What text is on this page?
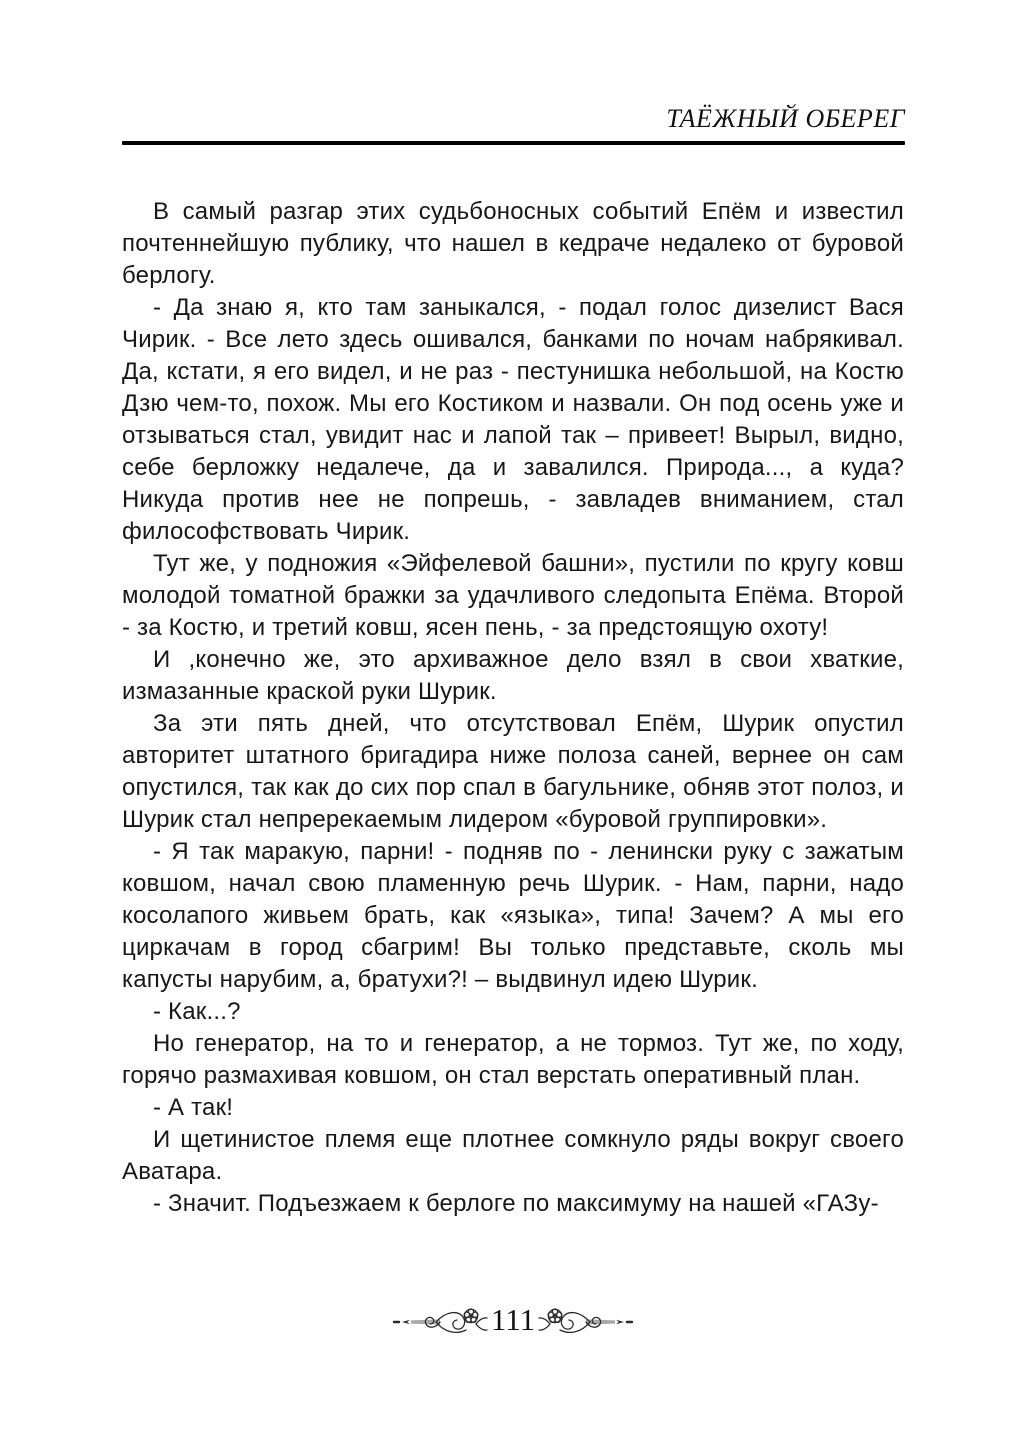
ТАЁЖНЫЙ ОБЕРЕГ

В самый разгар этих судьбоносных событий Епём и известил почтеннейшую публику, что нашел в кедраче недалеко от буровой берлогу.

- Да знаю я, кто там заныкался, - подал голос дизелист Вася Чирик. - Все лето здесь ошивался, банками по ночам набрякивал. Да, кстати, я его видел, и не раз - пестунишка небольшой, на Костю Дзю чем-то, похож. Мы его Костиком и назвали. Он под осень уже и отзываться стал, увидит нас и лапой так – привеет! Вырыл, видно, себе берложку недалече, да и завалился. Природа..., а куда? Никуда против нее не попрешь, - завладев вниманием, стал философствовать Чирик.

Тут же, у подножия «Эйфелевой башни», пустили по кругу ковш молодой томатной бражки за удачливого следопыта Епёма. Второй - за Костю, и третий ковш, ясен пень, - за предстоящую охоту!

И ,конечно же, это архиважное дело взял в свои хваткие, измазанные краской руки Шурик.

За эти пять дней, что отсутствовал Епём, Шурик опустил авторитет штатного бригадира ниже полоза саней, вернее он сам опустился, так как до сих пор спал в багульнике, обняв этот полоз, и Шурик стал непререкаемым лидером «буровой группировки».

- Я так маракую, парни! - подняв по - ленински руку с зажатым ковшом, начал свою пламенную речь Шурик. - Нам, парни, надо косолапого живьем брать, как «языка», типа! Зачем? А мы его циркачам в город сбагрим! Вы только представьте, сколь мы капусты нарубим, а, братухи?! – выдвинул идею Шурик.

- Как...?

Но генератор, на то и генератор, а не тормоз. Тут же, по ходу, горячо размахивая ковшом, он стал верстать оперативный план.

- А так!

И щетинистое племя еще плотнее сомкнуло ряды вокруг своего Аватара.

- Значит. Подъезжаем к берлоге по максимуму на нашей «ГАЗу-

111
